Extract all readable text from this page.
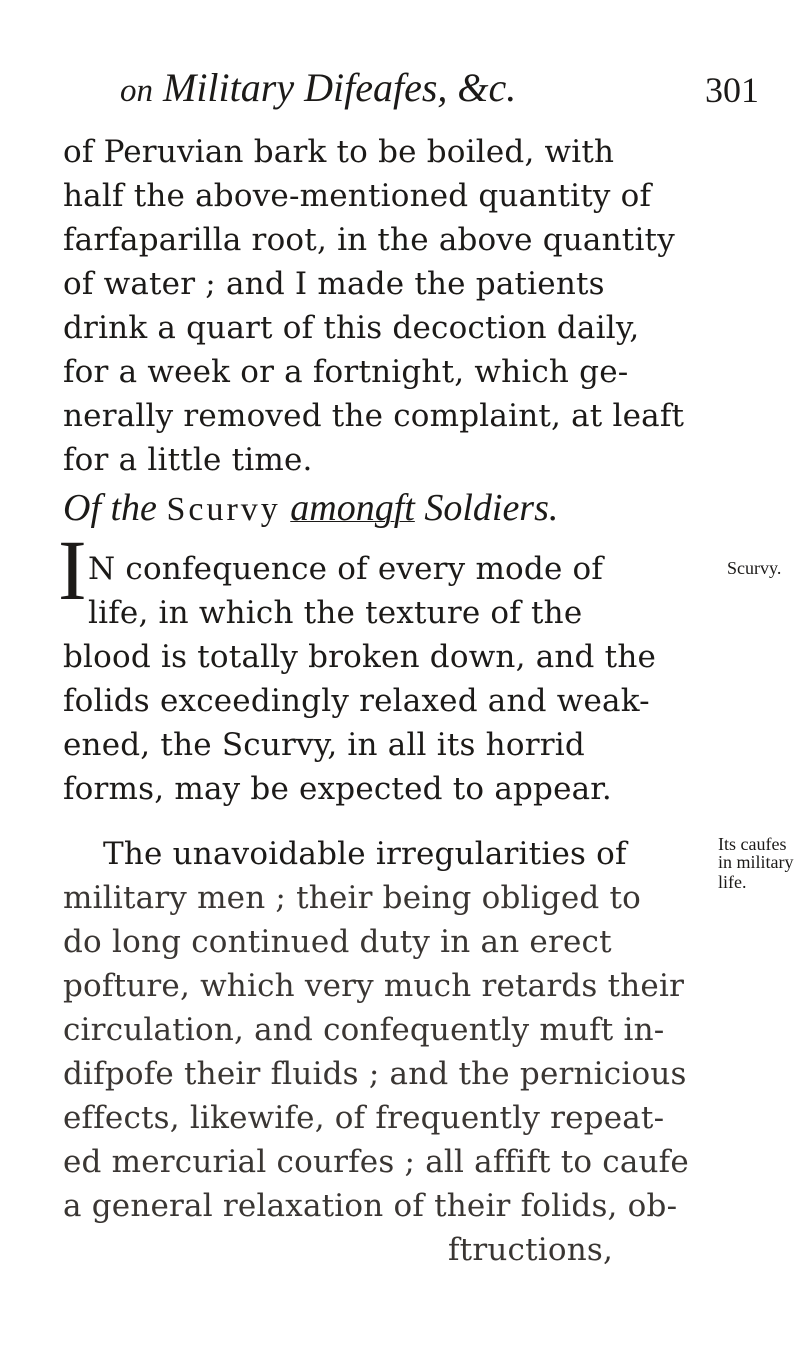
on Military Difeafes, &c.	301
of Peruvian bark to be boiled, with
half the above-mentioned quantity of
farfaparilla root, in the above quantity
of water ; and I made the patients
drink a quart of this decoction daily,
for a week or a fortnight, which ge-
nerally removed the complaint, at leaft
for a little time.
Of the Scurvy amongft Soldiers.
I N confequence of every mode of
life, in which the texture of the
blood is totally broken down, and the
folids exceedingly relaxed and weak-
ened, the Scurvy, in all its horrid
forms, may be expected to appear.
Scurvy.
The unavoidable irregularities of
military men ; their being obliged to
do long continued duty in an erect
pofture, which very much retards their
circulation, and confequently muft in-
difpofe their fluids ; and the pernicious
effects, likewife, of frequently repeat-
ed mercurial courfes ; all affift to caufe
a general relaxation of their folids, ob-
ftructions,
Its caufes
in military
life.
